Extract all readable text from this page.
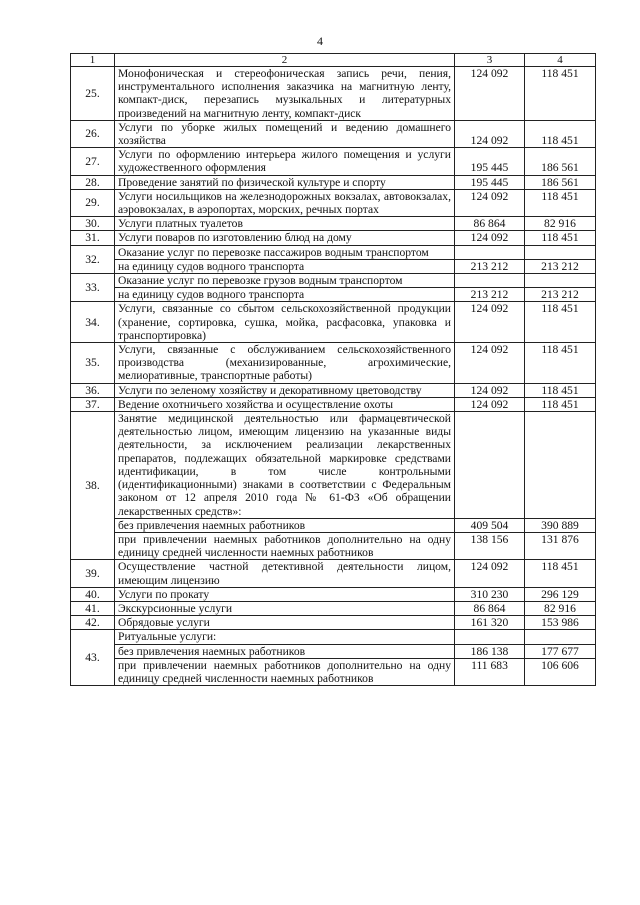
4
1	2	3	4
25.	Монофоническая и стереофоническая запись речи, пения, инструментального исполнения заказчика на магнитную ленту, компакт-диск, перезапись музыкальных и литературных произведений на магнитную ленту, компакт-диск	124 092	118 451
26.	Услуги по уборке жилых помещений и ведению домашнего хозяйства	124 092	118 451
27.	Услуги по оформлению интерьера жилого помещения и услуги художественного оформления	195 445	186 561
28.	Проведение занятий по физической культуре и спорту	195 445	186 561
29.	Услуги носильщиков на железнодорожных вокзалах, автовокзалах, аэровокзалах, в аэропортах, морских, речных портах	124 092	118 451
30.	Услуги платных туалетов	86 864	82 916
31.	Услуги поваров по изготовлению блюд на дому	124 092	118 451
32.	Оказание услуг по перевозке пассажиров водным транспортом		
	на единицу судов водного транспорта	213 212	213 212
33.	Оказание услуг по перевозке грузов водным транспортом		
	на единицу судов водного транспорта	213 212	213 212
34.	Услуги, связанные со сбытом сельскохозяйственной продукции (хранение, сортировка, сушка, мойка, расфасовка, упаковка и транспортировка)	124 092	118 451
35.	Услуги, связанные с обслуживанием сельскохозяйственного производства (механизированные, агрохимические, мелиоративные, транспортные работы)	124 092	118 451
36.	Услуги по зеленому хозяйству и декоративному цветоводству	124 092	118 451
37.	Ведение охотничьего хозяйства и осуществление охоты	124 092	118 451
38.	Занятие медицинской деятельностью или фармацевтической деятельностью лицом, имеющим лицензию на указанные виды деятельности, за исключением реализации лекарственных препаратов, подлежащих обязательной маркировке средствами идентификации, в том числе контрольными (идентификационными) знаками в соответствии с Федеральным законом от 12 апреля 2010 года № 61-ФЗ «Об обращении лекарственных средств»:		
	без привлечения наемных работников	409 504	390 889
	при привлечении наемных работников дополнительно на одну единицу средней численности наемных работников	138 156	131 876
39.	Осуществление частной детективной деятельности лицом, имеющим лицензию	124 092	118 451
40.	Услуги по прокату	310 230	296 129
41.	Экскурсионные услуги	86 864	82 916
42.	Обрядовые услуги	161 320	153 986
43.	Ритуальные услуги:		
	без привлечения наемных работников	186 138	177 677
	при привлечении наемных работников дополнительно на одну единицу средней численности наемных работников	111 683	106 606
